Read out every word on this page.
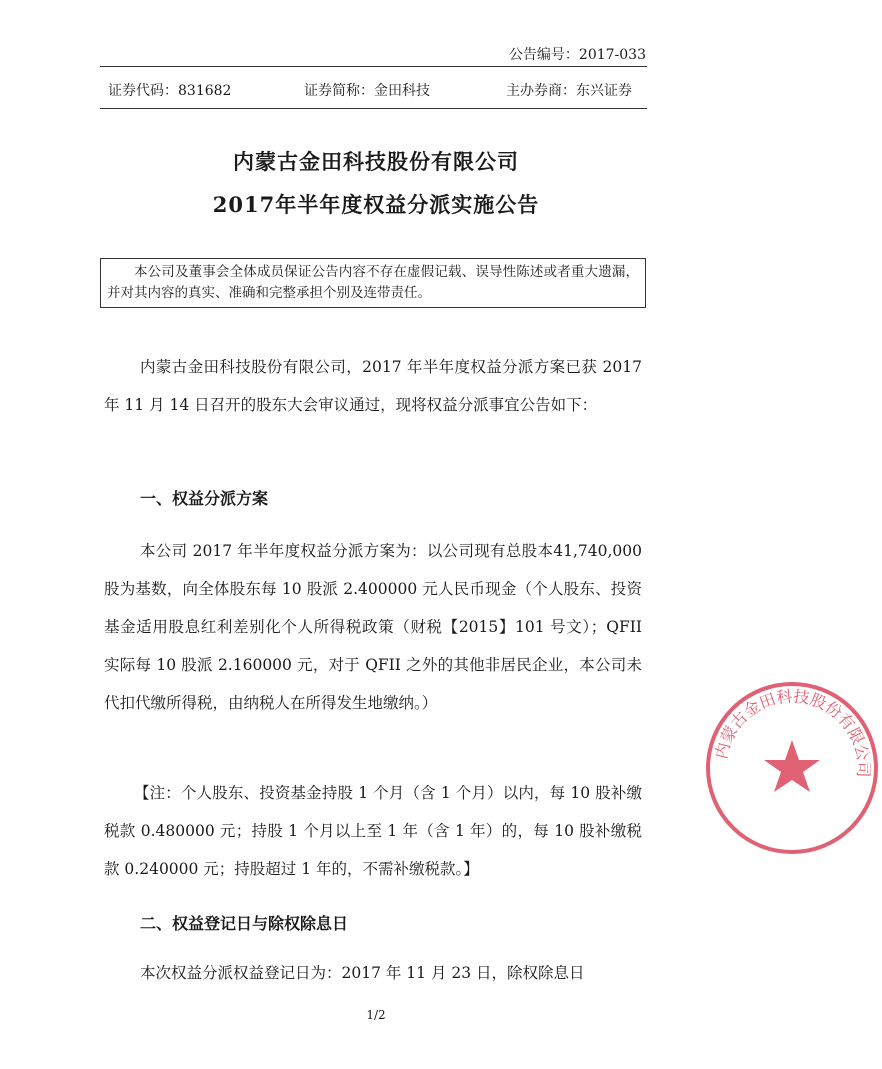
公告编号：2017-033
证券代码：831682	证券简称：金田科技	主办券商：东兴证券
内蒙古金田科技股份有限公司
2017年半年度权益分派实施公告
本公司及董事会全体成员保证公告内容不存在虚假记载、误导性陈述或者重大遗漏，并对其内容的真实、准确和完整承担个别及连带责任。

内蒙古金田科技股份有限公司，2017 年半年度权益分派方案已获 2017 年 11 月 14 日召开的股东大会审议通过，现将权益分派事宜公告如下：

一、权益分派方案

本公司 2017 年半年度权益分派方案为：以公司现有总股本41,740,000 股为基数，向全体股东每 10 股派 2.400000 元人民币现金（个人股东、投资基金适用股息红利差别化个人所得税政策（财税【2015】101 号文）；QFII 实际每 10 股派 2.160000 元，对于 QFII 之外的其他非居民企业，本公司未代扣代缴所得税，由纳税人在所得发生地缴纳。）

【注：个人股东、投资基金持股 1 个月（含 1 个月）以内，每 10 股补缴税款 0.480000 元；持股 1 个月以上至 1 年（含 1 年）的，每 10 股补缴税款 0.240000 元；持股超过 1 年的，不需补缴税款。】

二、权益登记日与除权除息日

本次权益分派权益登记日为：2017 年 11 月 23 日，除权除息日

1/2
内蒙古金田科技股份有限公司
